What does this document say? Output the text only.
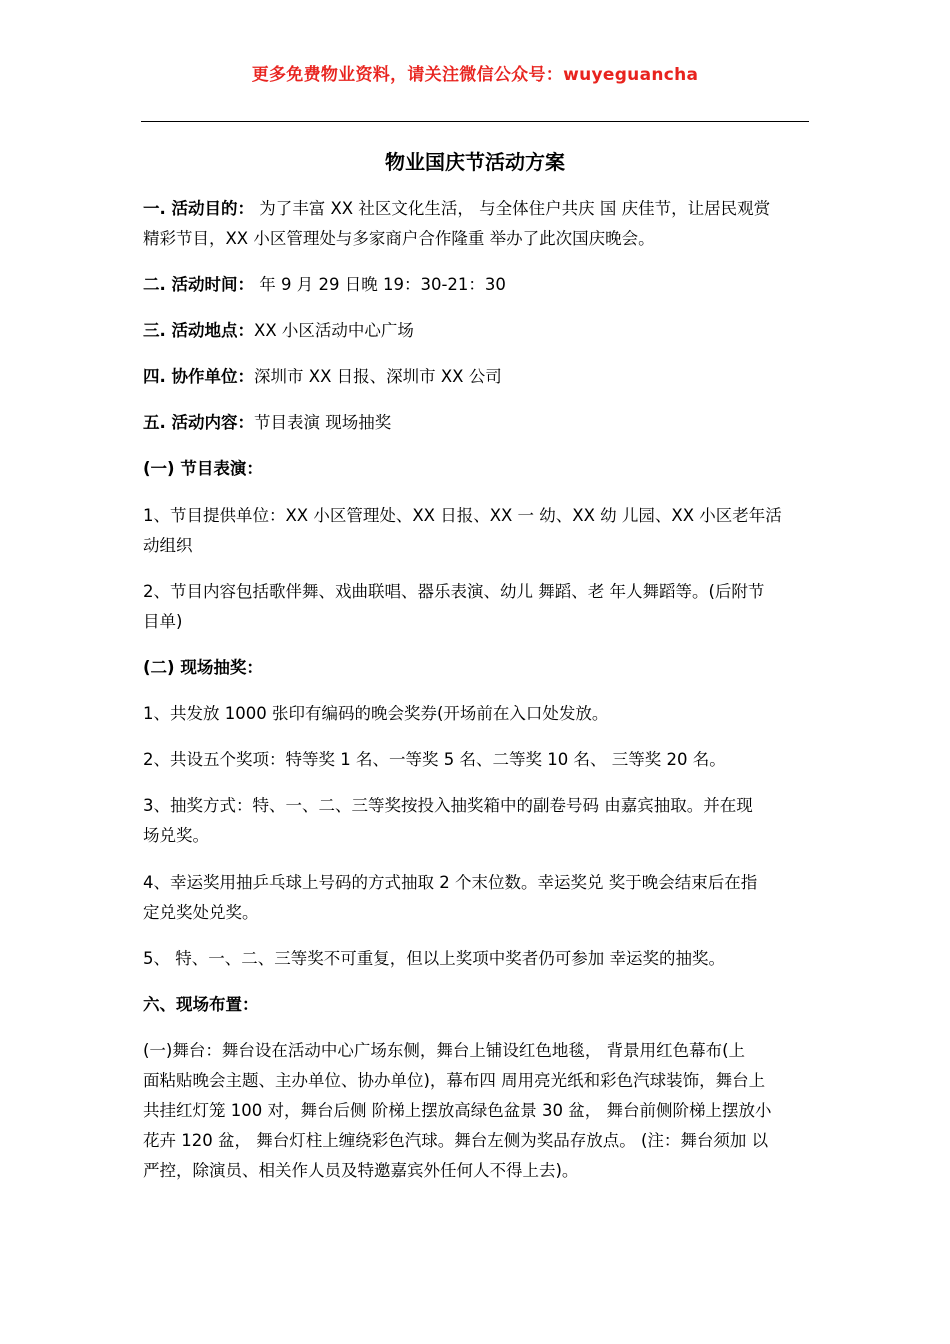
更多免费物业资料，请关注微信公众号：wuyeguancha
物业国庆节活动方案

一. 活动目的： 为了丰富 XX 社区文化生活， 与全体住户共庆 国 庆佳节，让居民观赏
精彩节目，XX 小区管理处与多家商户合作隆重 举办了此次国庆晚会。

二. 活动时间： 年 9 月 29 日晚 19：30-21：30

三. 活动地点：XX 小区活动中心广场

四. 协作单位：深圳市 XX 日报、深圳市 XX 公司

五. 活动内容：节目表演 现场抽奖

(一) 节目表演：

1、节目提供单位：XX 小区管理处、XX 日报、XX 一 幼、XX 幼 儿园、XX 小区老年活
动组织

2、节目内容包括歌伴舞、戏曲联唱、器乐表演、幼儿 舞蹈、老 年人舞蹈等。(后附节
目单)

(二) 现场抽奖：

1、共发放 1000 张印有编码的晚会奖券(开场前在入口处发放。

2、共设五个奖项：特等奖 1 名、一等奖 5 名、二等奖 10 名、 三等奖 20 名。

3、抽奖方式：特、一、二、三等奖按投入抽奖箱中的副卷号码 由嘉宾抽取。并在现
场兑奖。

4、幸运奖用抽乒乓球上号码的方式抽取 2 个末位数。幸运奖兑 奖于晚会结束后在指
定兑奖处兑奖。

5、 特、一、二、三等奖不可重复，但以上奖项中奖者仍可参加 幸运奖的抽奖。

六、现场布置：

(一)舞台：舞台设在活动中心广场东侧，舞台上铺设红色地毯， 背景用红色幕布(上
面粘贴晚会主题、主办单位、协办单位)，幕布四 周用亮光纸和彩色汽球装饰，舞台上
共挂红灯笼 100 对，舞台后侧 阶梯上摆放高绿色盆景 30 盆， 舞台前侧阶梯上摆放小
花卉 120 盆， 舞台灯柱上缠绕彩色汽球。舞台左侧为奖品存放点。 (注：舞台须加 以
严控，除演员、相关作人员及特邀嘉宾外任何人不得上去)。
